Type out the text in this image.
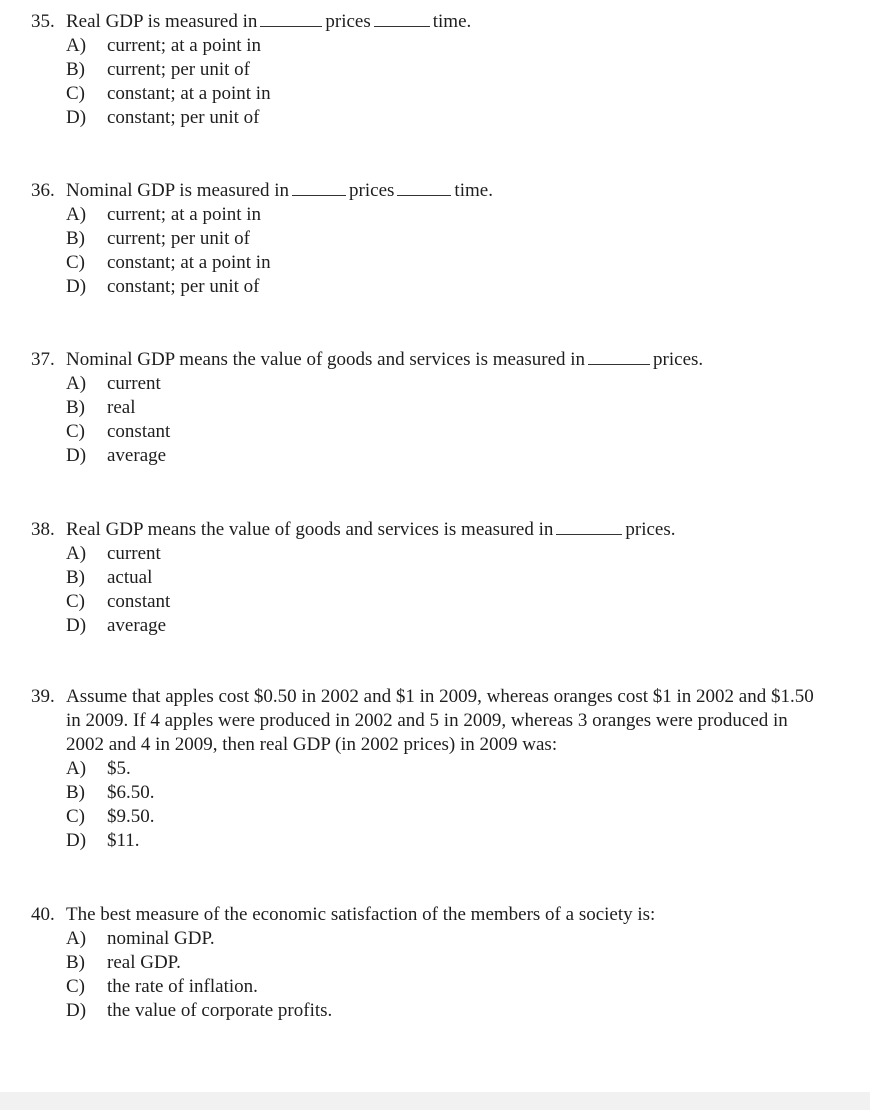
35. Real GDP is measured in	prices	time.
A)	current; at a point in
B)	current; per unit of
C)	constant; at a point in
D)	constant; per unit of
36. Nominal GDP is measured in	prices	time.
A)	current; at a point in
B)	current; per unit of
C)	constant; at a point in
D)	constant; per unit of
37. Nominal GDP means the value of goods and services is measured in	prices.
A)	current
B)	real
C)	constant
D)	average
38. Real GDP means the value of goods and services is measured in	prices.
A)	current
B)	actual
C)	constant
D)	average
39. Assume that apples cost $0.50 in 2002 and $1 in 2009, whereas oranges cost $1 in 2002 and $1.50 in 2009. If 4 apples were produced in 2002 and 5 in 2009, whereas 3 oranges were produced in 2002 and 4 in 2009, then real GDP (in 2002 prices) in 2009 was:
A)	$5.
B)	$6.50.
C)	$9.50.
D)	$11.
40. The best measure of the economic satisfaction of the members of a society is:
A)	nominal GDP.
B)	real GDP.
C)	the rate of inflation.
D)	the value of corporate profits.
